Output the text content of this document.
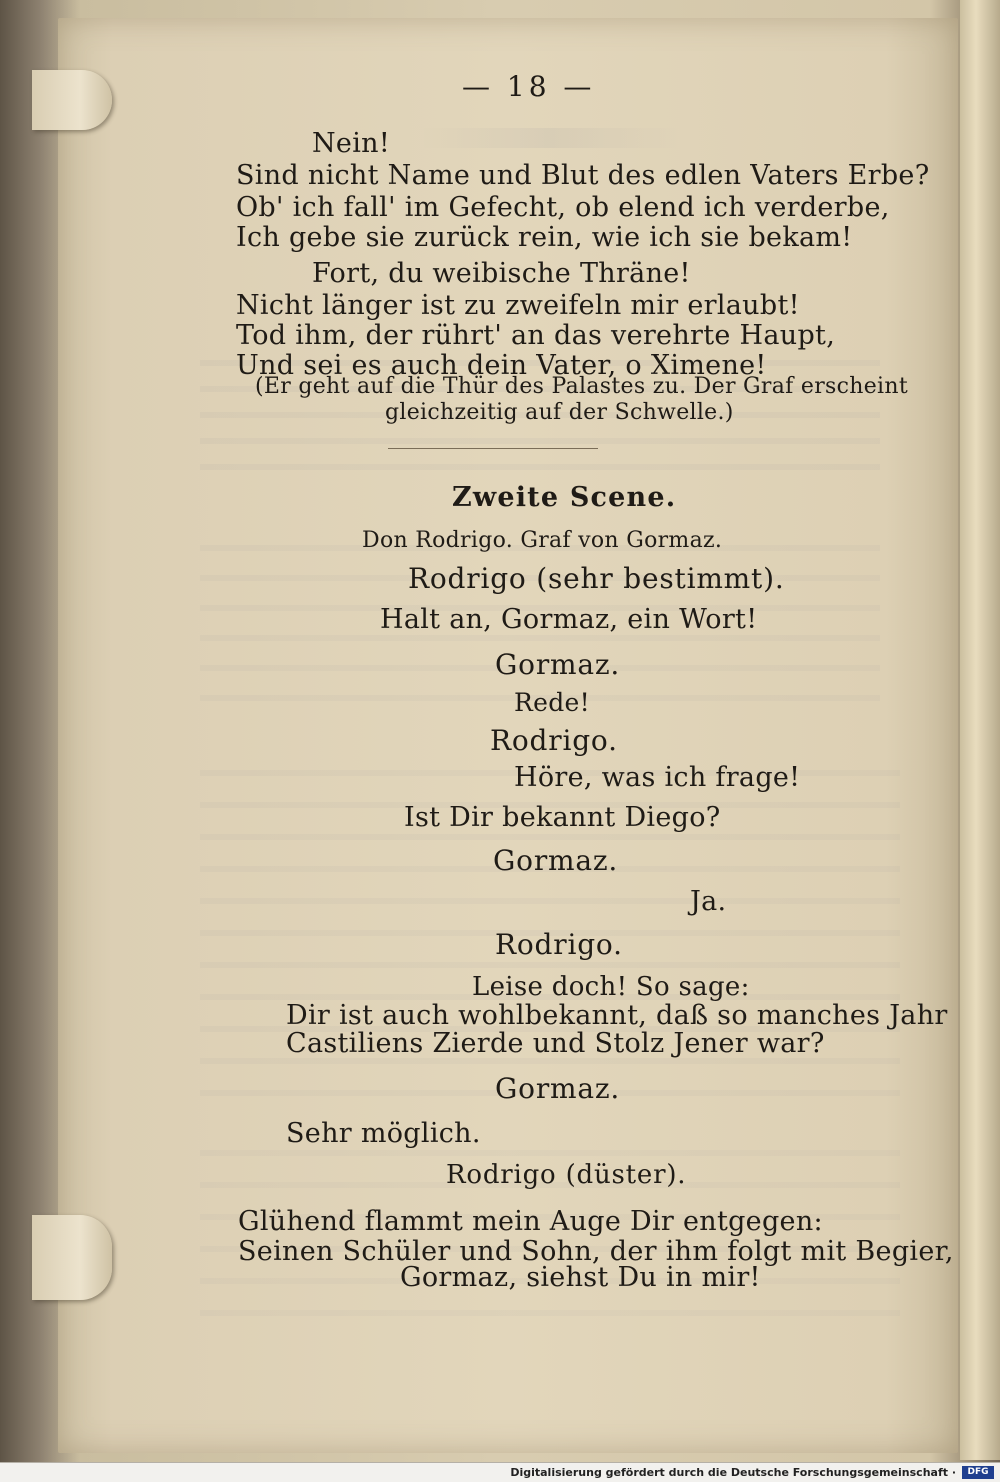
— 18 —
Nein!
Sind nicht Name und Blut des edlen Vaters Erbe?
Ob' ich fall' im Gefecht, ob elend ich verderbe,
Ich gebe sie zurück rein, wie ich sie bekam!
Fort, du weibische Thräne!
Nicht länger ist zu zweifeln mir erlaubt!
Tod ihm, der rührt' an das verehrte Haupt,
Und sei es auch dein Vater, o Ximene!
(Er geht auf die Thür des Palastes zu. Der Graf erscheint
gleichzeitig auf der Schwelle.)
Zweite Scene.
Don Rodrigo. Graf von Gormaz.
Rodrigo (sehr bestimmt).
Halt an, Gormaz, ein Wort!
Gormaz.
Rede!
Rodrigo.
Höre, was ich frage!
Ist Dir bekannt Diego?
Gormaz.
Ja.
Rodrigo.
Leise doch! So sage:
Dir ist auch wohlbekannt, daß so manches Jahr
Castiliens Zierde und Stolz Jener war?
Gormaz.
Sehr möglich.
Rodrigo (düster).
Glühend flammt mein Auge Dir entgegen:
Seinen Schüler und Sohn, der ihm folgt mit Begier,
Gormaz, siehst Du in mir!
Digitalisierung gefördert durch die Deutsche Forschungsgemeinschaft ·	DFG
